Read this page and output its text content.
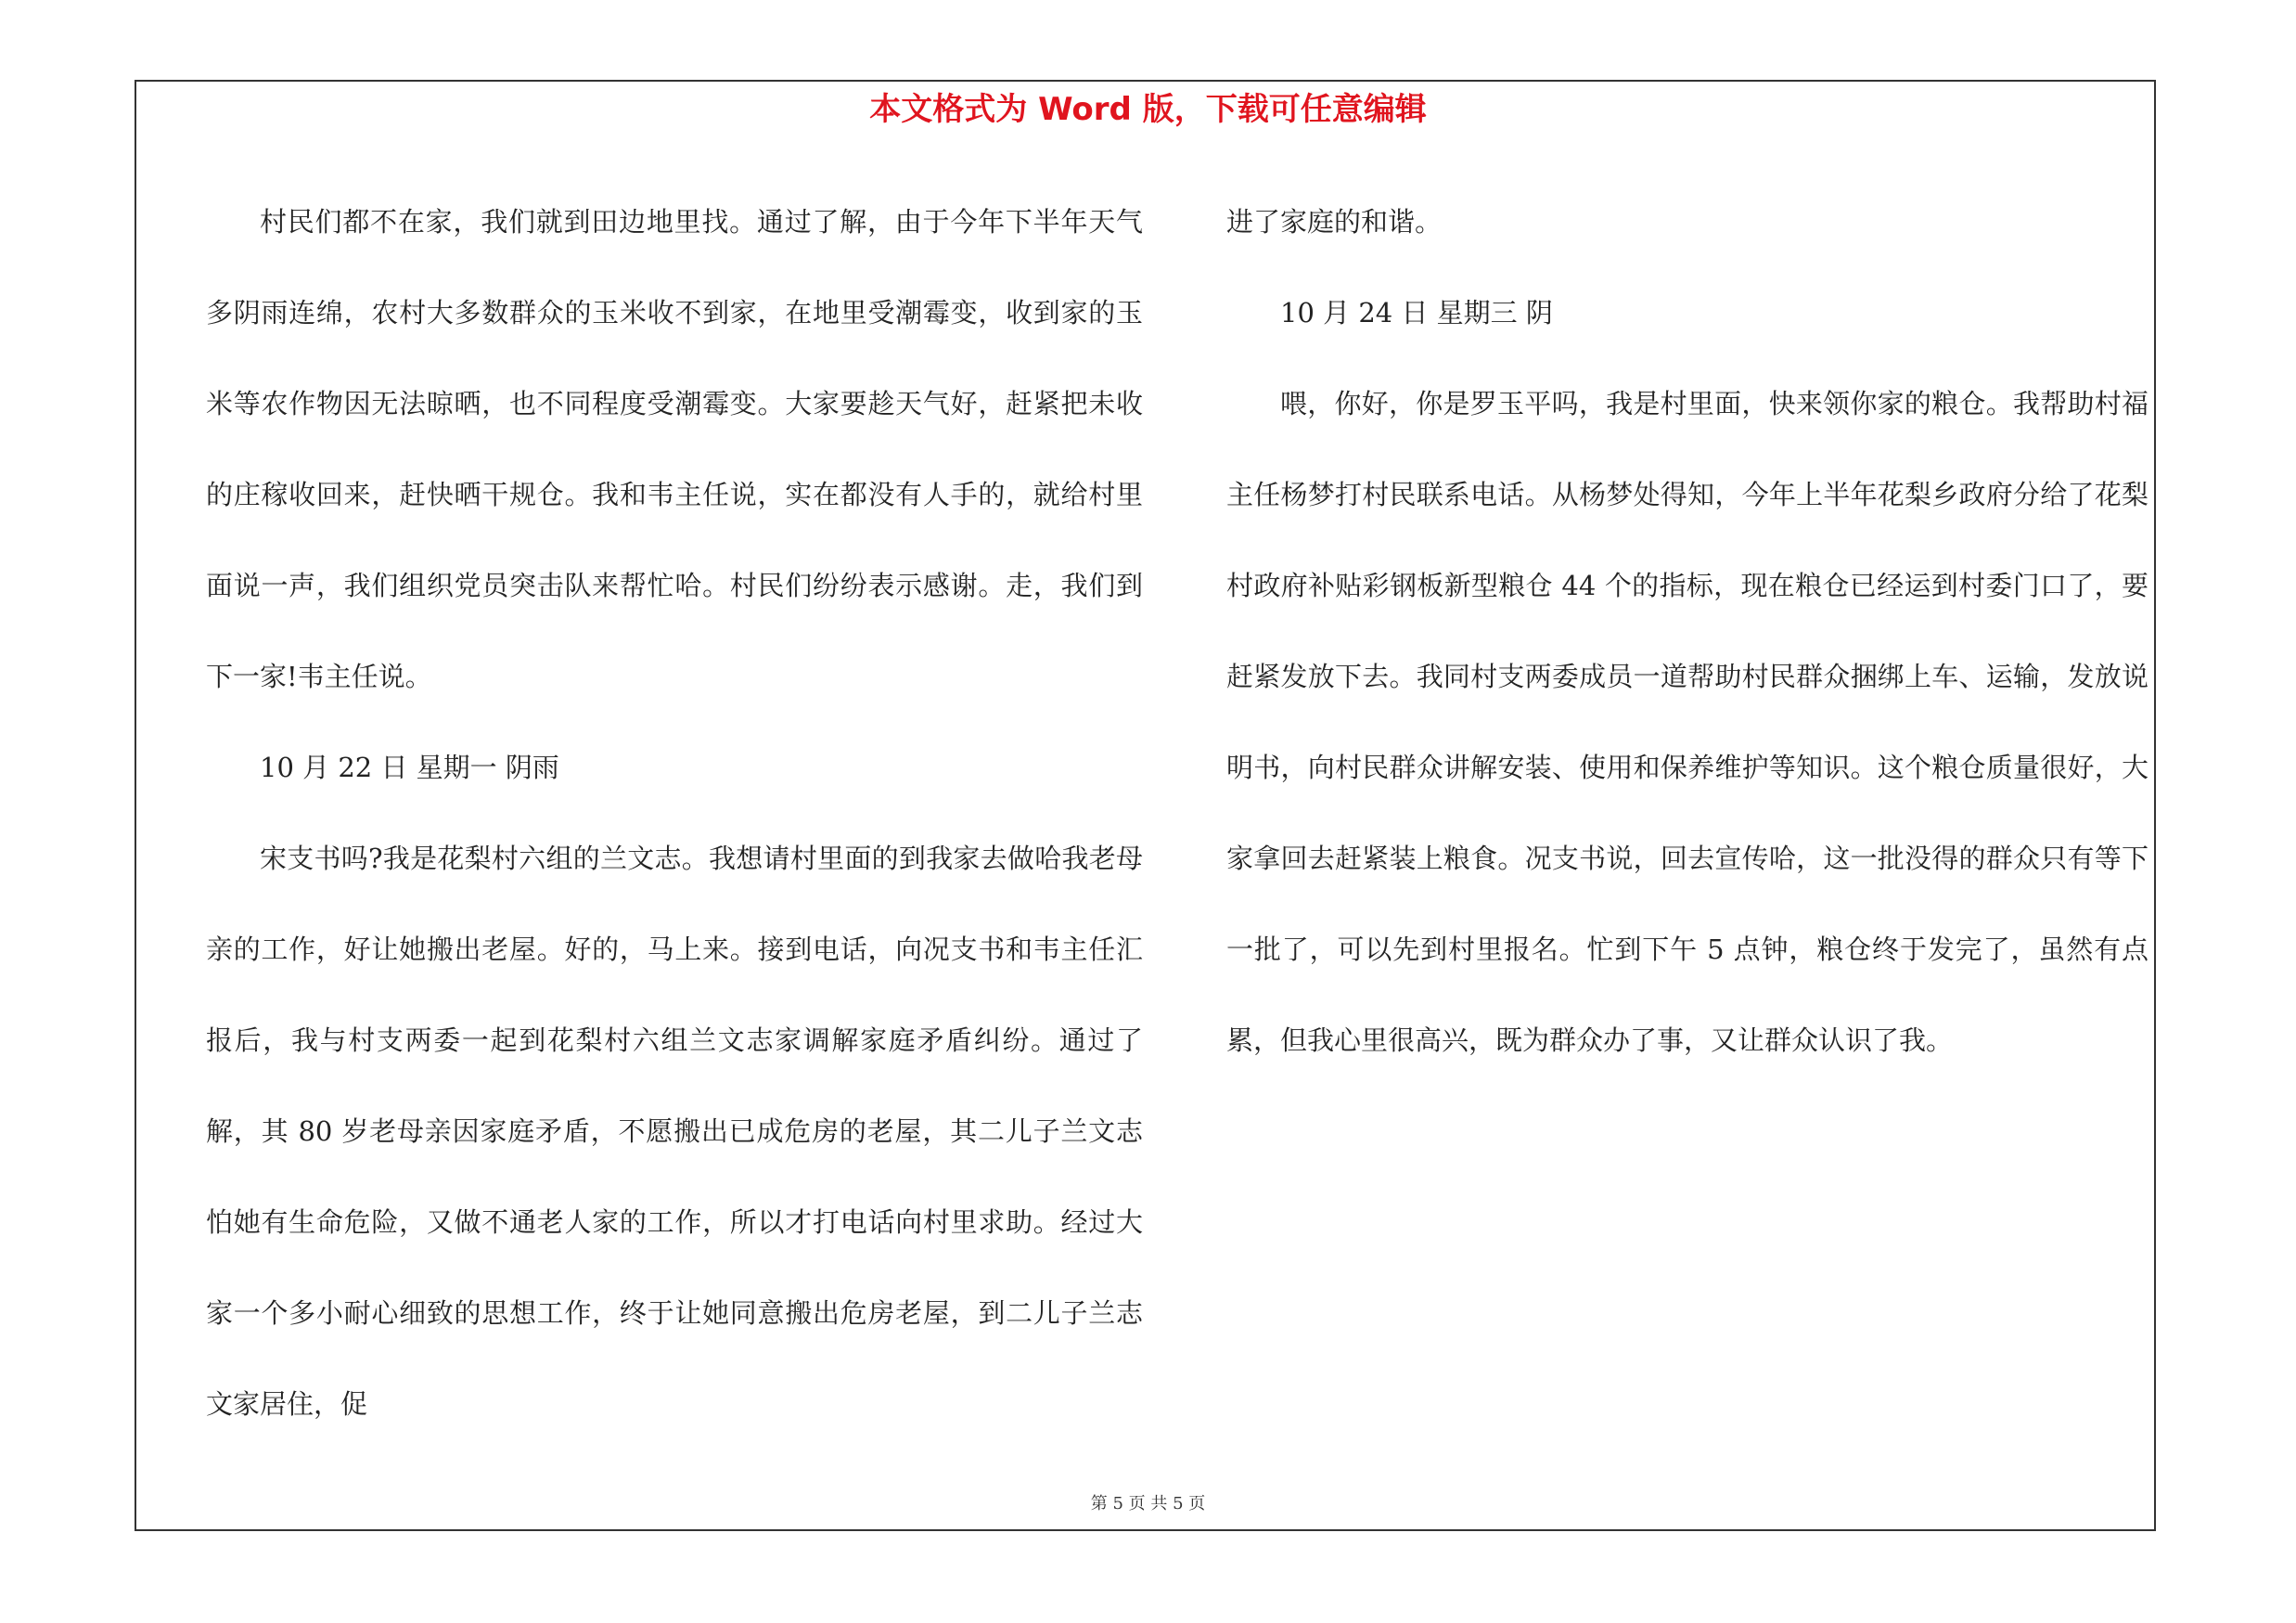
本文格式为 Word 版，下载可任意编辑

村民们都不在家，我们就到田边地里找。通过了解，由于今年下半年天气多阴雨连绵，农村大多数群众的玉米收不到家，在地里受潮霉变，收到家的玉米等农作物因无法晾晒，也不同程度受潮霉变。大家要趁天气好，赶紧把未收的庄稼收回来，赶快晒干规仓。我和韦主任说，实在都没有人手的，就给村里面说一声，我们组织党员突击队来帮忙哈。村民们纷纷表示感谢。走，我们到下一家!韦主任说。

10 月 22 日 星期一 阴雨

宋支书吗?我是花梨村六组的兰文志。我想请村里面的到我家去做哈我老母亲的工作，好让她搬出老屋。好的，马上来。接到电话，向况支书和韦主任汇报后，我与村支两委一起到花梨村六组兰文志家调解家庭矛盾纠纷。通过了解，其 80 岁老母亲因家庭矛盾，不愿搬出已成危房的老屋，其二儿子兰文志怕她有生命危险，又做不通老人家的工作，所以才打电话向村里求助。经过大家一个多小耐心细致的思想工作，终于让她同意搬出危房老屋，到二儿子兰志文家居住，促

进了家庭的和谐。

10 月 24 日 星期三 阴

喂，你好，你是罗玉平吗，我是村里面，快来领你家的粮仓。我帮助村福主任杨梦打村民联系电话。从杨梦处得知，今年上半年花梨乡政府分给了花梨村政府补贴彩钢板新型粮仓 44 个的指标，现在粮仓已经运到村委门口了，要赶紧发放下去。我同村支两委成员一道帮助村民群众捆绑上车、运输，发放说明书，向村民群众讲解安装、使用和保养维护等知识。这个粮仓质量很好，大家拿回去赶紧装上粮食。况支书说，回去宣传哈，这一批没得的群众只有等下一批了，可以先到村里报名。忙到下午 5 点钟，粮仓终于发完了，虽然有点累，但我心里很高兴，既为群众办了事，又让群众认识了我。

第 5 页 共 5 页
